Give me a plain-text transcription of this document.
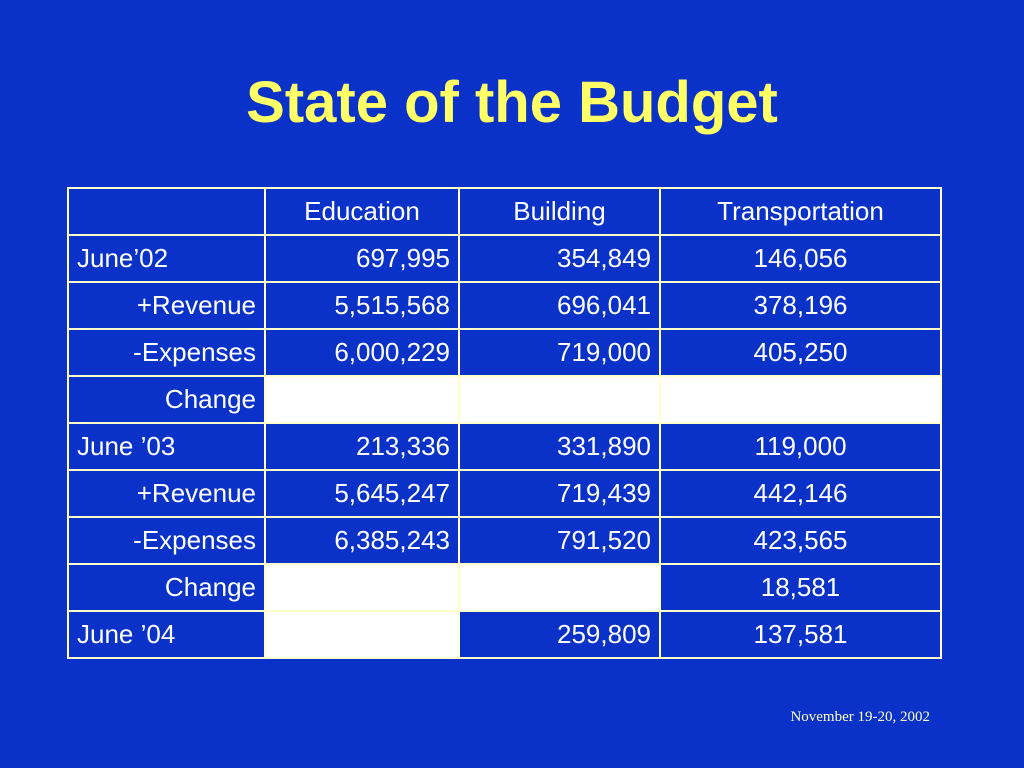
State of the Budget
	Education	Building	Transportation
June’02	697,995	354,849	146,056
+Revenue	5,515,568	696,041	378,196
-Expenses	6,000,229	719,000	405,250
Change	-484,661	-22,959	-27,056
June ’03	213,336	331,890	119,000
+Revenue	5,645,247	719,439	442,146
-Expenses	6,385,243	791,520	423,565
Change	-739,996	-72,081	18,581
June ’04	-526,660	259,809	137,581
November 19-20, 2002
